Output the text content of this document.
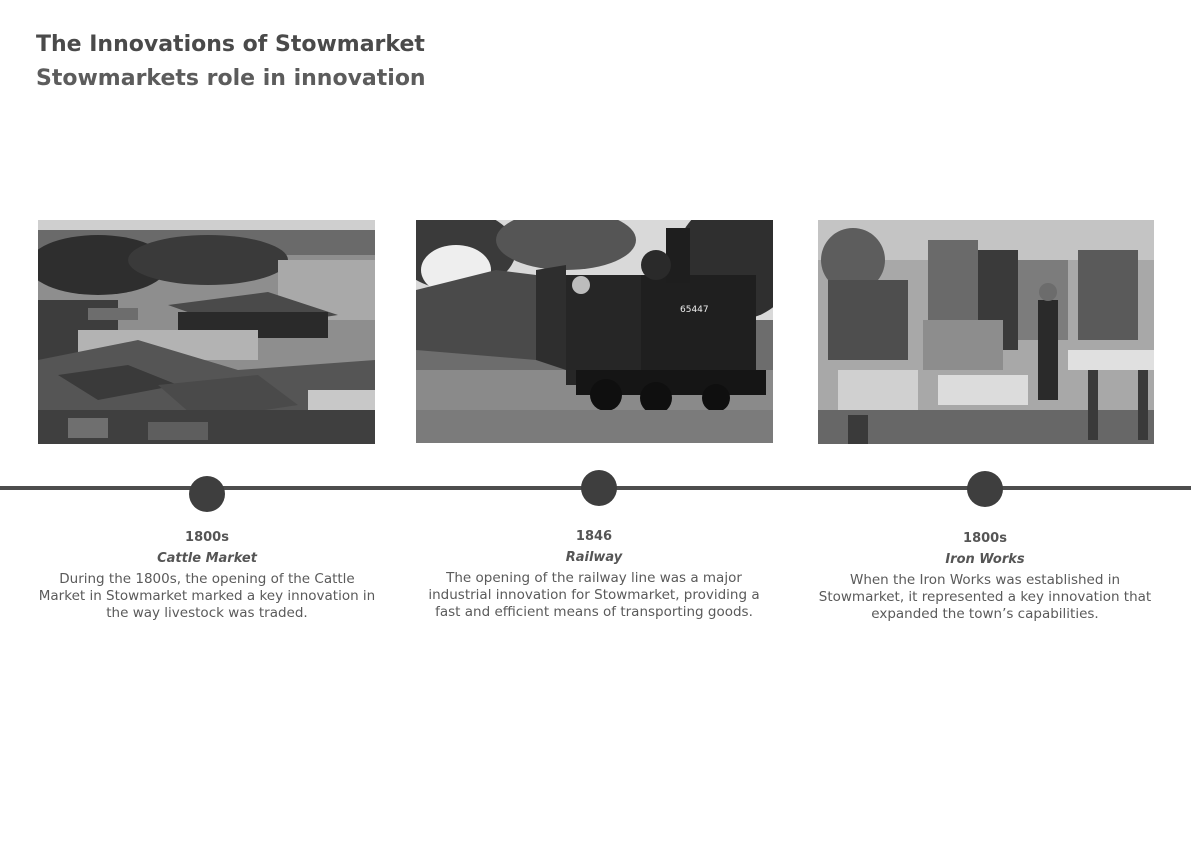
The Innovations of Stowmarket
Stowmarkets role in innovation
65447

1800s

Cattle Market

During the 1800s, the opening of the Cattle Market in Stowmarket marked a key innovation in the way livestock was traded.

1846

Railway

The opening of the railway line was a major industrial innovation for Stowmarket, providing a fast and efficient means of transporting goods.

1800s

Iron Works

When the Iron Works was established in Stowmarket, it represented a key innovation that expanded the town’s capabilities.
